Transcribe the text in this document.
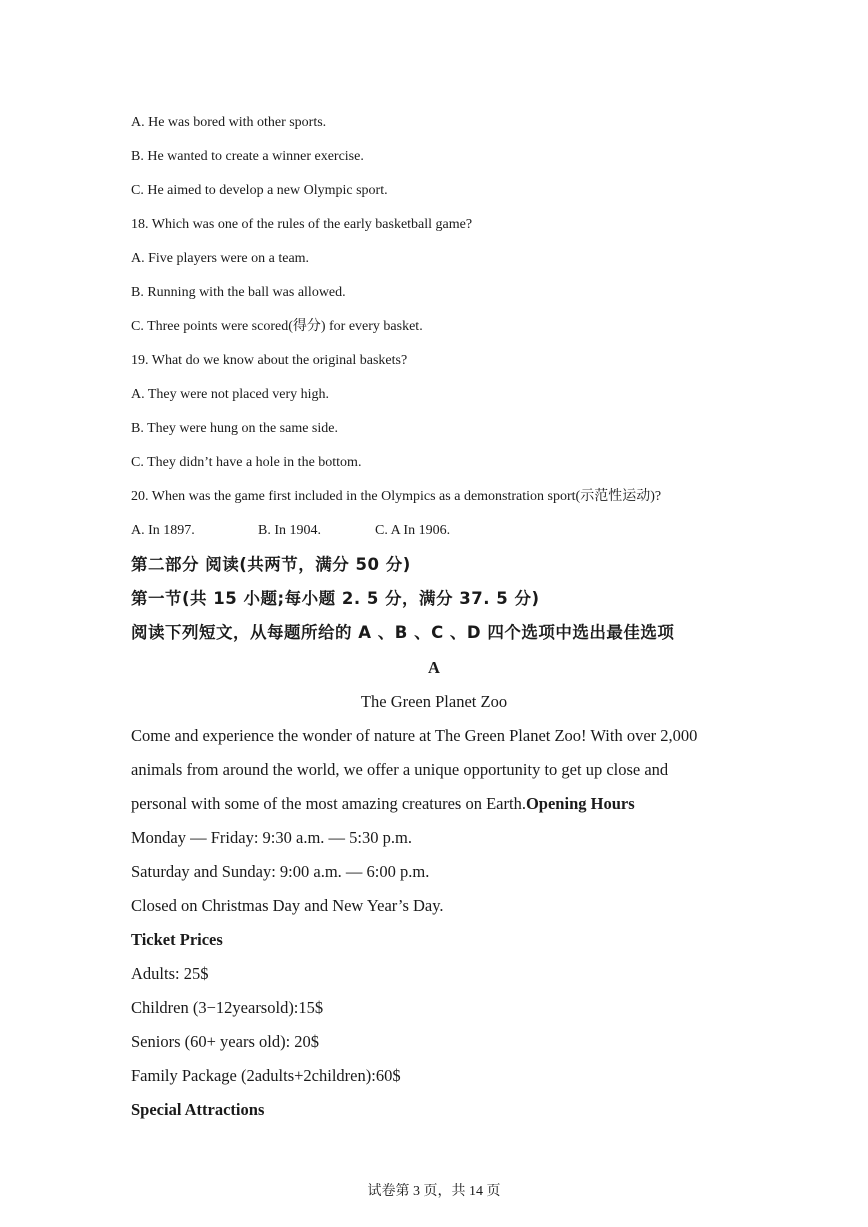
A. He was bored with other sports.
B. He wanted to create a winner exercise.
C. He aimed to develop a new Olympic sport.
18. Which was one of the rules of the early basketball game?
A. Five players were on a team.
B. Running with the ball was allowed.
C. Three points were scored(得分) for every basket.
19. What do we know about the original baskets?
A. They were not placed very high.
B. They were hung on the same side.
C. They didn’t have a hole in the bottom.
20. When was the game first included in the Olympics as a demonstration sport(示范性运动)?
A. In 1897.	B. In 1904.	C. A In 1906.
第二部分 阅读(共两节，满分 50 分)
第一节(共 15 小题;每小题 2. 5 分，满分 37. 5 分)
阅读下列短文，从每题所给的 A 、B 、C 、D 四个选项中选出最佳选项
A
The Green Planet Zoo
Come and experience the wonder of nature at The Green Planet Zoo! With over 2,000
animals from around the world, we offer a unique opportunity to get up close and
personal with some of the most amazing creatures on Earth.Opening Hours
Monday — Friday: 9:30 a.m. — 5:30 p.m.
Saturday and Sunday: 9:00 a.m. — 6:00 p.m.
Closed on Christmas Day and New Year’s Day.
Ticket Prices
Adults: 25$
Children (3−12yearsold):15$
Seniors (60+ years old): 20$
Family Package (2adults+2children):60$
Special Attractions
试卷第 3 页，共 14 页
